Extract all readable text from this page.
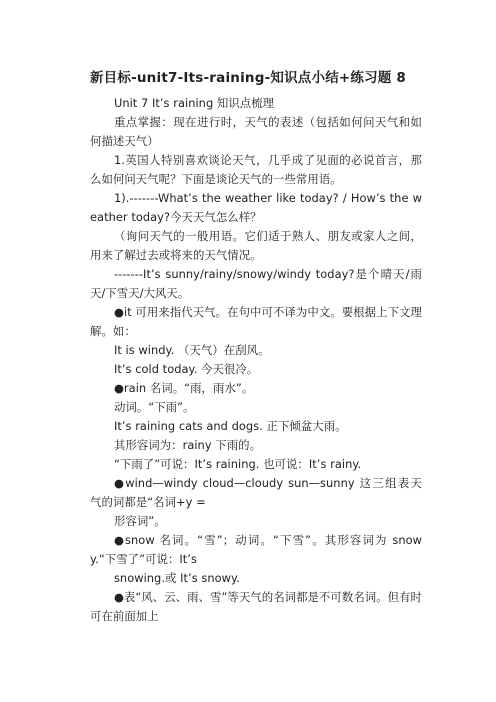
新目标-unit7-Its-raining-知识点小结+练习题 8

Unit 7 It’s raining 知识点梳理

重点掌握：现在进行时，天气的表述（包括如何问天气和如何描述天气）

1.英国人特别喜欢谈论天气，几乎成了见面的必说首言，那么如何问天气呢？下面是谈论天气的一些常用语。

1).-------What’s the weather like today? / How’s the weather today?今天天气怎么样？

（询问天气的一般用语。它们适于熟人、朋友或家人之间，用来了解过去或将来的天气情况。

-------It’s sunny/rainy/snowy/windy today?是个晴天/雨天/下雪天/大风天。

●it 可用来指代天气。在句中可不译为中文。要根据上下文理解。如：

It is windy. （天气）在刮风。

It’s cold today. 今天很冷。

●rain 名词。“雨，雨水”。

动词。“下雨”。

It’s raining cats and dogs. 正下倾盆大雨。

其形容词为：rainy 下雨的。

“下雨了”可说：It’s raining. 也可说：It’s rainy.

●wind—windy cloud—cloudy sun—sunny 这三组表天气的词都是“名词+y =

形容词”。

●snow 名词。“雪”；动词。“下雪”。其形容词为 snowy.“下雪了”可说：It’s

snowing.或 It’s snowy.

●表“风、云、雨、雪”等天气的名词都是不可数名词。但有时可在前面加上
